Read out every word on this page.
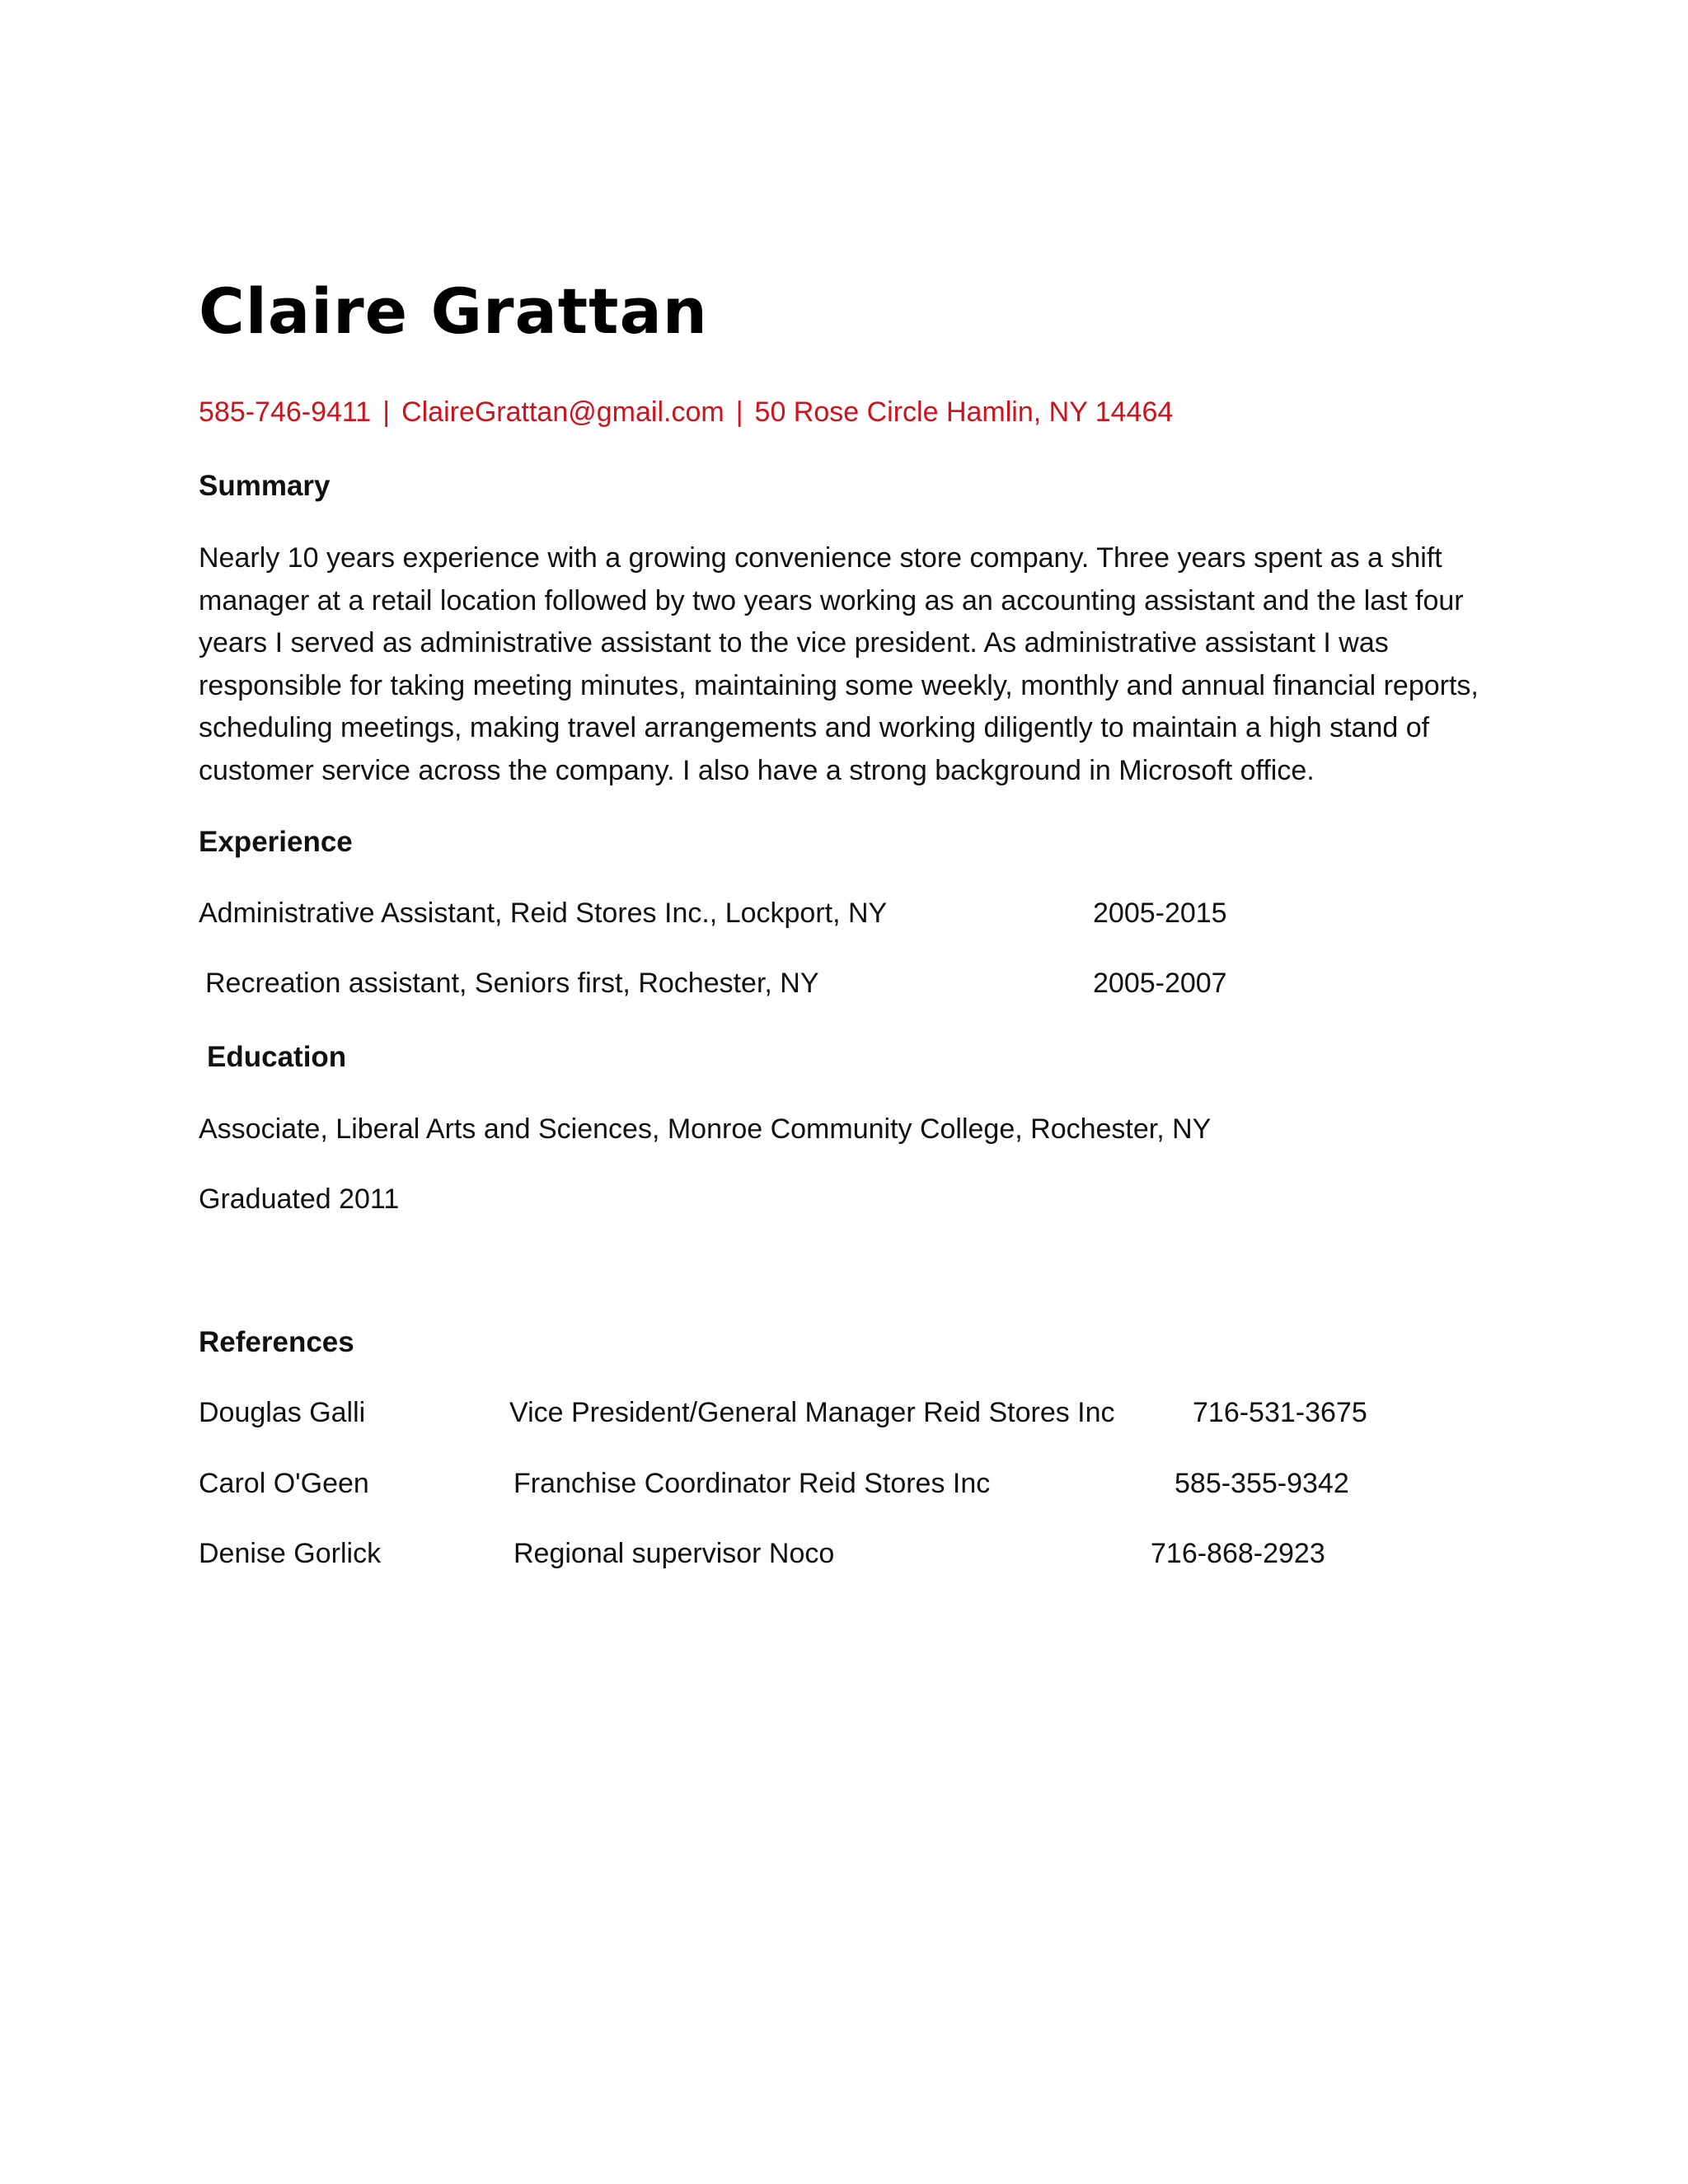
Claire Grattan
585-746-9411 | ClaireGrattan@gmail.com | 50 Rose Circle Hamlin, NY 14464
Summary
Nearly 10 years experience with a growing convenience store company. Three years spent as a shift
manager at a retail location followed by two years working as an accounting assistant and the last four
years I served as administrative assistant to the vice president. As administrative assistant I was
responsible for taking meeting minutes, maintaining some weekly, monthly and annual financial reports,
scheduling meetings, making travel arrangements and working diligently to maintain a high stand of
customer service across the company. I also have a strong background in Microsoft office.
Experience
Administrative Assistant, Reid Stores Inc., Lockport, NY	2005-2015
Recreation assistant, Seniors first, Rochester, NY	2005-2007
Education
Associate, Liberal Arts and Sciences, Monroe Community College, Rochester, NY
Graduated 2011
References
Douglas Galli	Vice President/General Manager Reid Stores Inc	716-531-3675
Carol O'Geen	Franchise Coordinator Reid Stores Inc	585-355-9342
Denise Gorlick	Regional supervisor Noco	716-868-2923
